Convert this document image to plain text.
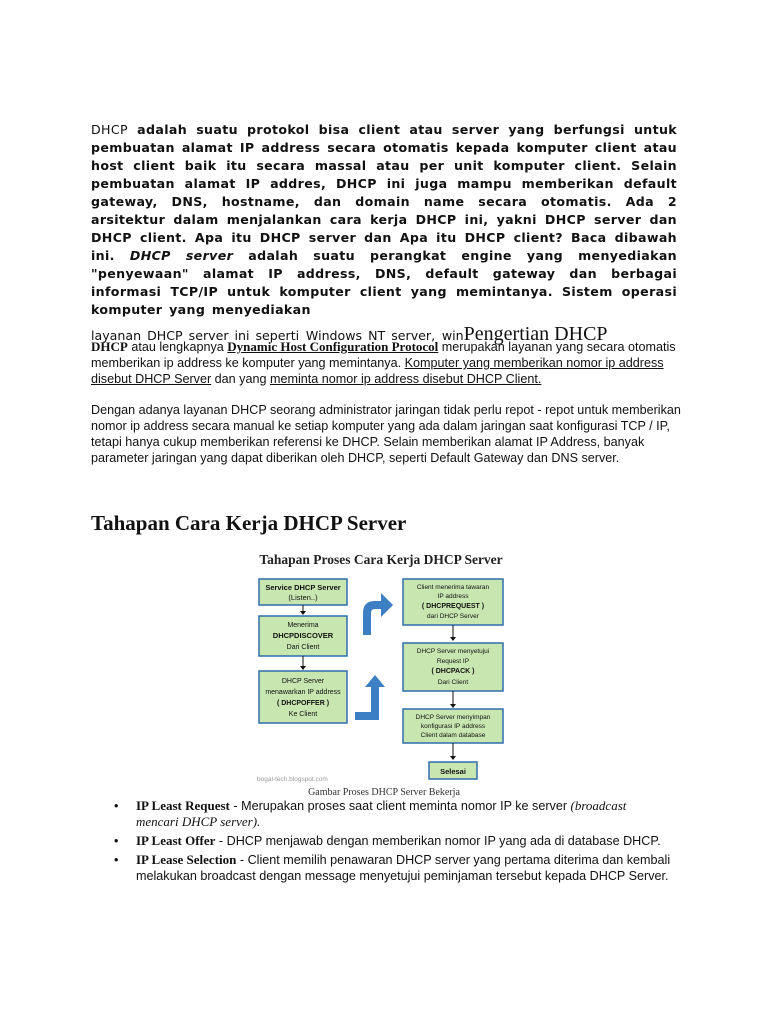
DHCP adalah suatu protokol bisa client atau server yang berfungsi untuk pembuatan alamat IP address secara otomatis kepada komputer client atau host client baik itu secara massal atau per unit komputer client. Selain pembuatan alamat IP addres, DHCP ini juga mampu memberikan default gateway, DNS, hostname, dan domain name secara otomatis. Ada 2 arsitektur dalam menjalankan cara kerja DHCP ini, yakni DHCP server dan DHCP client. Apa itu DHCP server dan Apa itu DHCP client? Baca dibawah ini. DHCP server adalah suatu perangkat engine yang menyediakan "penyewaan" alamat IP address, DNS, default gateway dan berbagai informasi TCP/IP untuk komputer client yang memintanya. Sistem operasi komputer yang menyediakan
layanan DHCP server ini seperti Windows NT server, winPengertian DHCP
DHCP atau lengkapnya Dynamic Host Configuration Protocol merupakan layanan yang secara otomatis memberikan ip address ke komputer yang memintanya. Komputer yang memberikan nomor ip address disebut DHCP Server dan yang meminta nomor ip address disebut DHCP Client.
Dengan adanya layanan DHCP seorang administrator jaringan tidak perlu repot - repot untuk memberikan nomor ip address secara manual ke setiap komputer yang ada dalam jaringan saat konfigurasi TCP / IP, tetapi hanya cukup memberikan referensi ke DHCP. Selain memberikan alamat IP Address, banyak parameter jaringan yang dapat diberikan oleh DHCP, seperti Default Gateway dan DNS server.
Tahapan Cara Kerja DHCP Server
Tahapan Proses Cara Kerja DHCP Server
Service DHCP Server
(Listen..)
Menerima
DHCPDISCOVER
Dari Client
DHCP Server
menawarkan IP address
( DHCPOFFER )
Ke Client
Client menerima tawaran
IP address
( DHCPREQUEST )
dari DHCP Server
DHCP Server menyetujui
Request IP
( DHCPACK )
Dari Client
DHCP Server menyimpan
konfigurasi IP address
Client dalam database
Selesai
bogal-tech.blogspot.com
Gambar Proses DHCP Server Bekerja
• IP Least Request - Merupakan proses saat client meminta nomor IP ke server (broadcast mencari DHCP server).
• IP Least Offer - DHCP menjawab dengan memberikan nomor IP yang ada di database DHCP.
• IP Lease Selection - Client memilih penawaran DHCP server yang pertama diterima dan kembali melakukan broadcast dengan message menyetujui peminjaman tersebut kepada DHCP Server.
